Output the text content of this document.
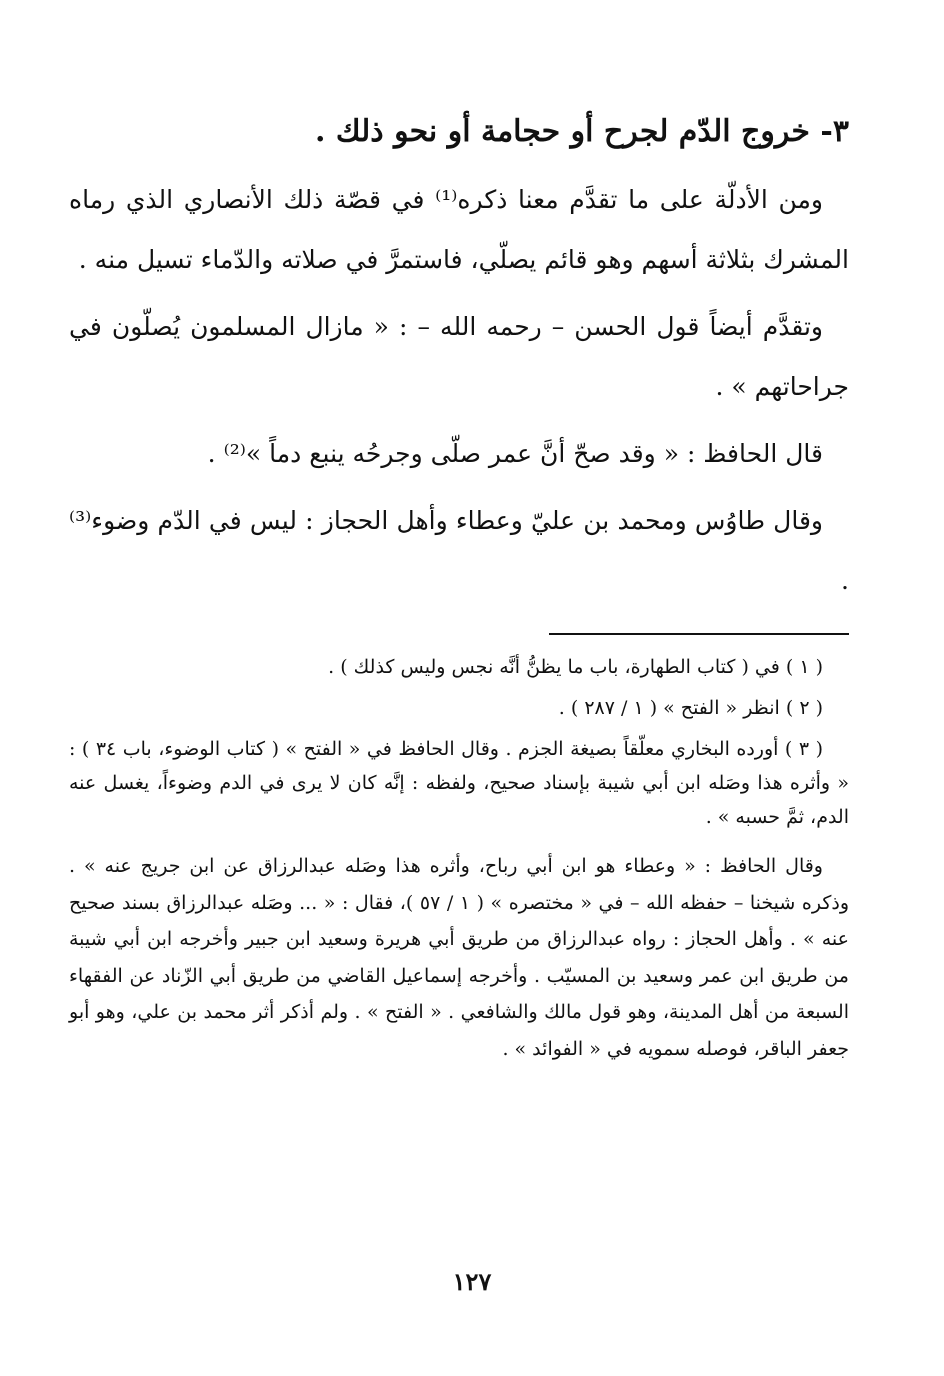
٣- خروج الدّم لجرح أو حجامة أو نحو ذلك .

ومن الأدلّة على ما تقدَّم معنا ذكره⁽¹⁾ في قصّة ذلك الأنصاري الذي رماه المشرك بثلاثة أسهم وهو قائم يصلّي، فاستمرَّ في صلاته والدّماء تسيل منه .

وتقدَّم أيضاً قول الحسن – رحمه الله – : « مازال المسلمون يُصلّون في جراحاتهم » .

قال الحافظ : « وقد صحّ أنَّ عمر صلّى وجرحُه ينبع دماً »⁽²⁾ .

وقال طاوُس ومحمد بن عليّ وعطاء وأهل الحجاز : ليس في الدّم وضوء⁽³⁾ .

( ١ ) في ( كتاب الطهارة، باب ما يظنُّ أنَّه نجس وليس كذلك ) .

( ٢ ) انظر « الفتح » ( ١ / ٢٨٧ ) .

( ٣ ) أورده البخاري معلّقاً بصيغة الجزم . وقال الحافظ في « الفتح » ( كتاب الوضوء، باب ٣٤ ) : « وأثره هذا وصَله ابن أبي شيبة بإسناد صحيح، ولفظه : إنَّه كان لا يرى في الدم وضوءاً، يغسل عنه الدم، ثمَّ حسبه » .

وقال الحافظ : « وعطاء هو ابن أبي رباح، وأثره هذا وصَله عبدالرزاق عن ابن جريج عنه » . وذكره شيخنا – حفظه الله – في « مختصره » ( ١ / ٥٧ )، فقال : « ... وصَله عبدالرزاق بسند صحيح عنه » . وأهل الحجاز : رواه عبدالرزاق من طريق أبي هريرة وسعيد ابن جبير وأخرجه ابن أبي شيبة من طريق ابن عمر وسعيد بن المسيّب . وأخرجه إسماعيل القاضي من طريق أبي الزّناد عن الفقهاء السبعة من أهل المدينة، وهو قول مالك والشافعي . « الفتح » . ولم أذكر أثر محمد بن علي، وهو أبو جعفر الباقر، فوصله سمويه في « الفوائد » .

١٢٧
